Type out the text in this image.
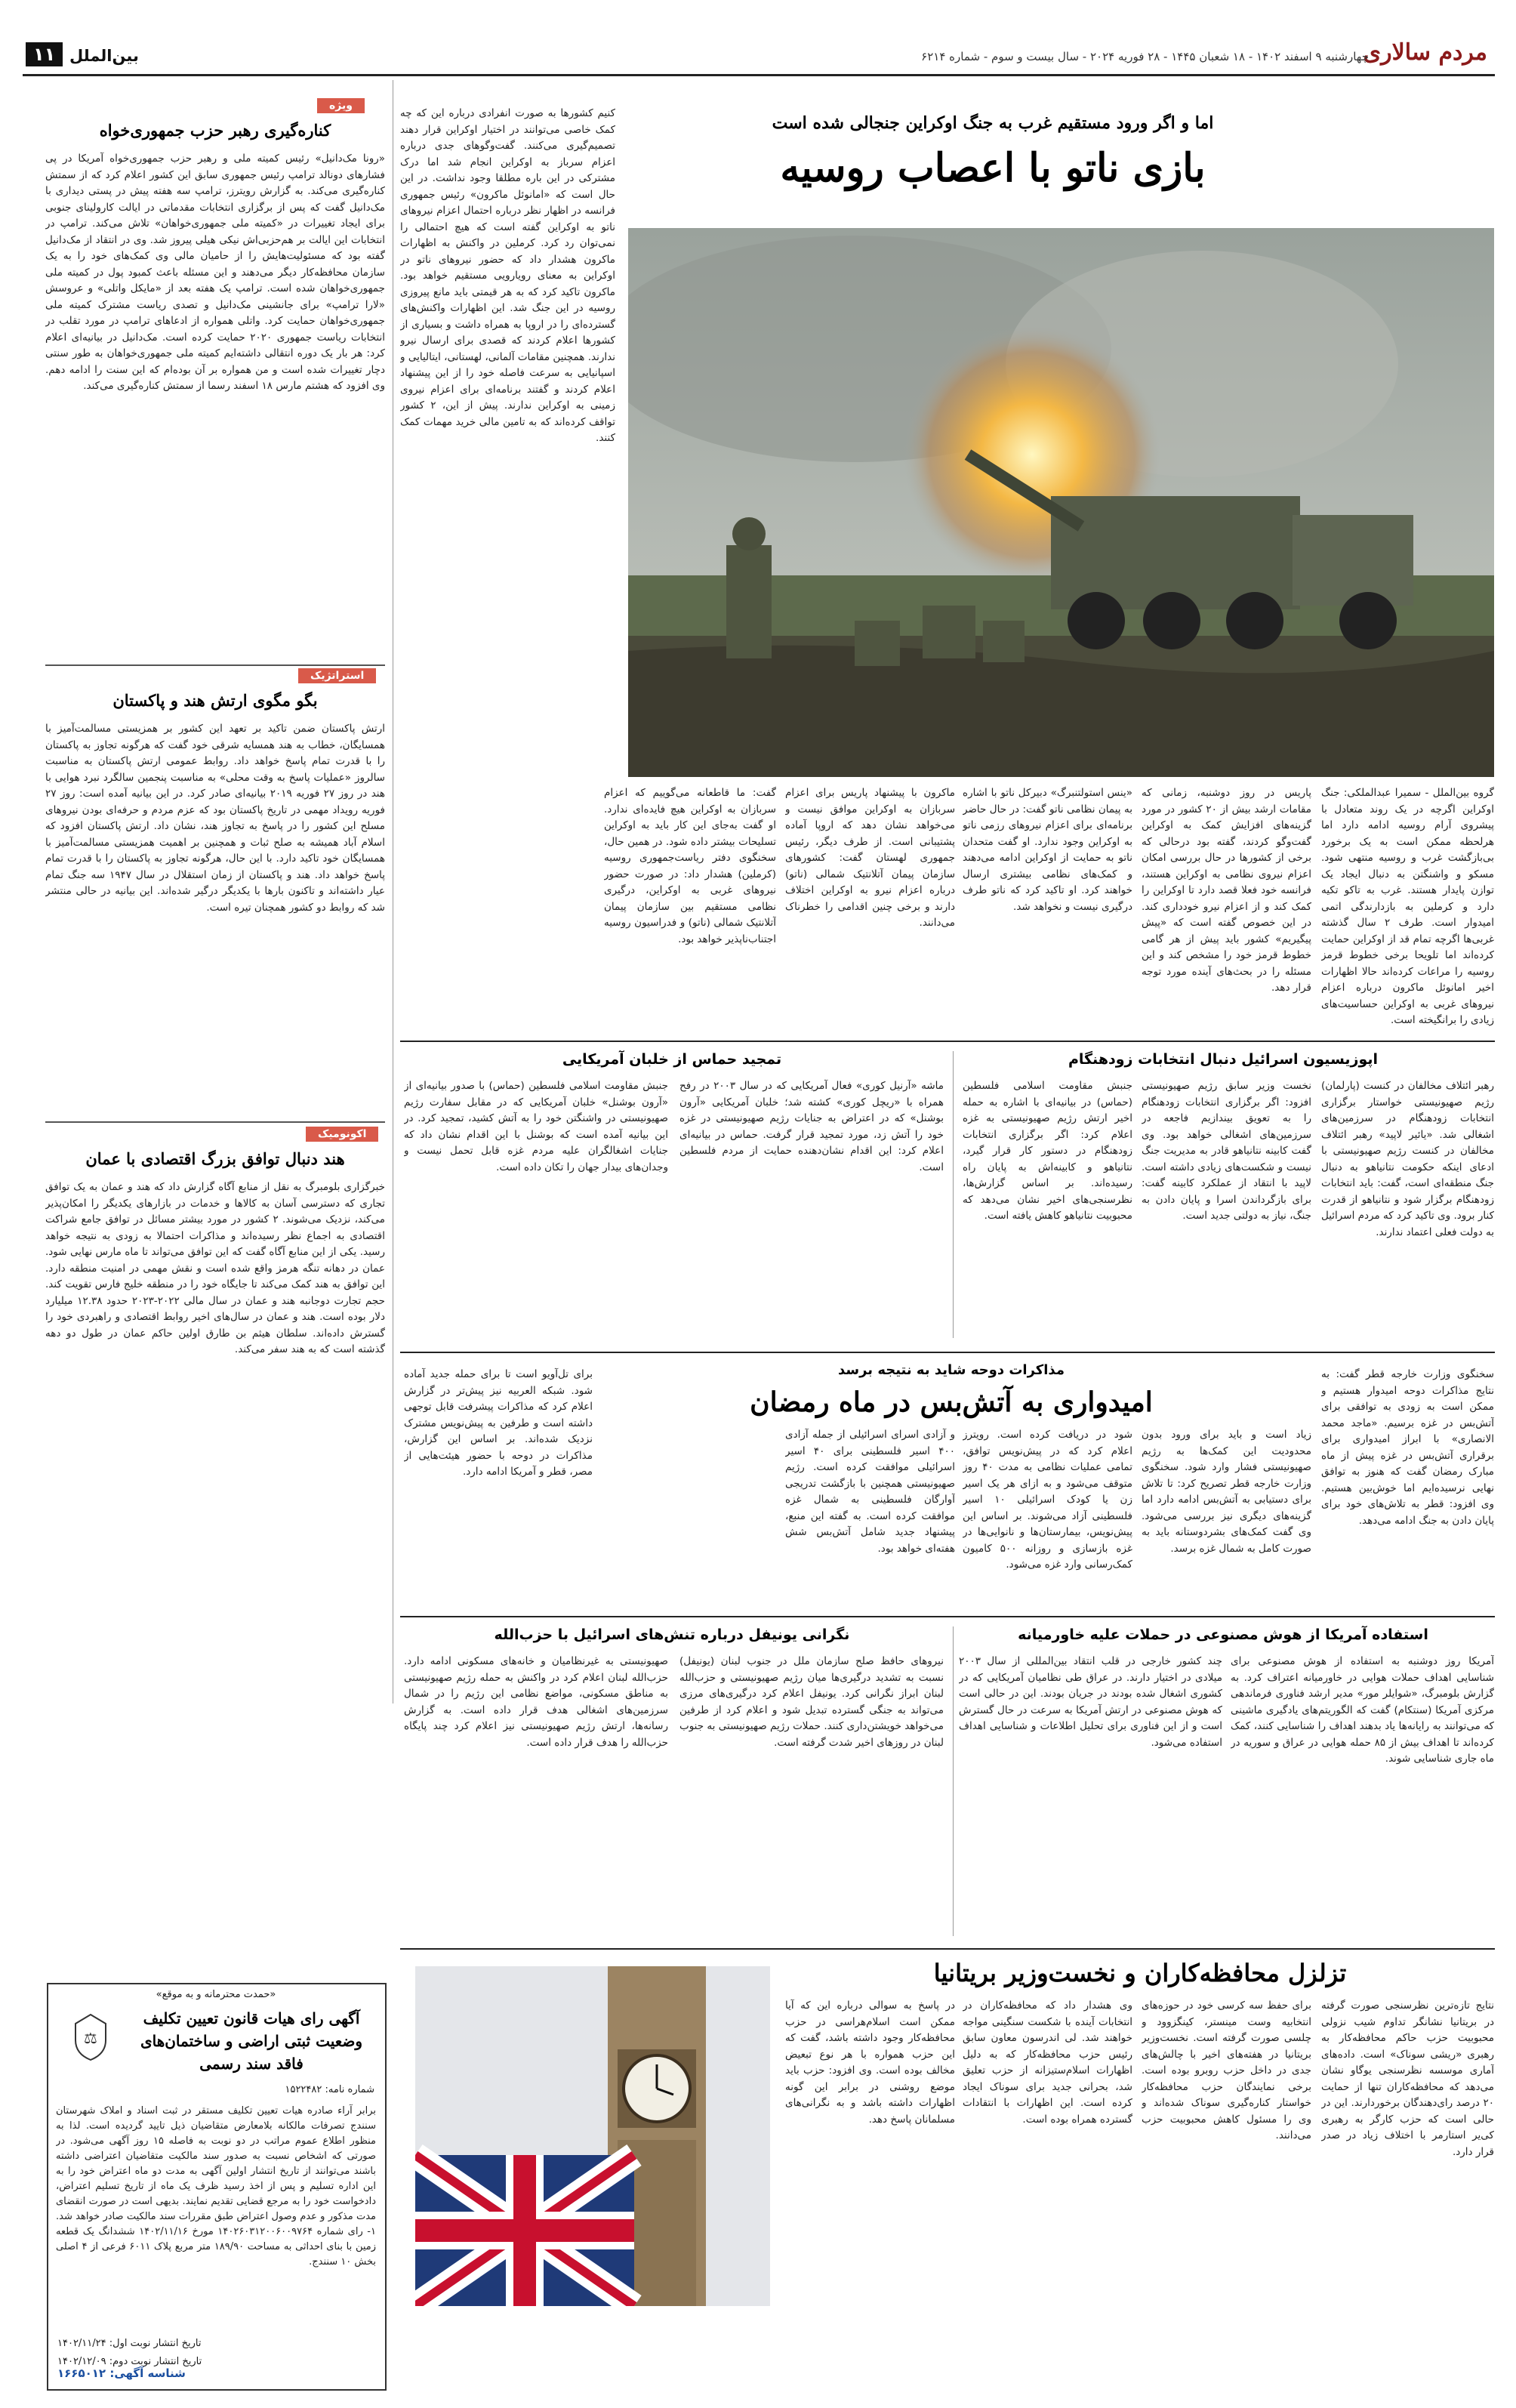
مردم سالاری
چهارشنبه ۹ اسفند ۱۴۰۲ - ۱۸ شعبان ۱۴۴۵ - ۲۸ فوریه ۲۰۲۴ - سال بیست و سوم - شماره ۶۲۱۴
بین‌الملل
۱۱
ویژه
کناره‌گیری رهبر حزب جمهوری‌خواه
«رونا مک‌دانیل» رئیس کمیته ملی و رهبر حزب جمهوری‌خواه آمریکا در پی فشارهای دونالد ترامپ رئیس جمهوری سابق این کشور اعلام کرد که از سمتش کناره‌گیری می‌کند. به گزارش رویترز، ترامپ سه هفته پیش در پستی دیداری با مک‌دانیل گفت که پس از برگزاری انتخابات مقدماتی در ایالت کارولینای جنوبی برای ایجاد تغییرات در «کمیته ملی جمهوری‌خواهان» تلاش می‌کند. ترامپ در انتخابات این ایالت بر هم‌حزبی‌اش نیکی هیلی پیروز شد. وی در انتقاد از مک‌دانیل گفته بود که مسئولیت‌هایش را از حامیان مالی وی کمک‌های خود را به یک سازمان محافظه‌کار دیگر می‌دهند و این مسئله باعث کمبود پول در کمیته ملی جمهوری‌خواهان شده است. ترامپ یک هفته بعد از «مایکل واتلی» و عروسش «لارا ترامپ» برای جانشینی مک‌دانیل و تصدی ریاست مشترک کمیته ملی جمهوری‌خواهان حمایت کرد. واتلی همواره از ادعاهای ترامپ در مورد تقلب در انتخابات ریاست جمهوری ۲۰۲۰ حمایت کرده است. مک‌دانیل در بیانیه‌ای اعلام کرد: هر بار یک دوره انتقالی داشته‌ایم کمیته ملی جمهوری‌خواهان به طور سنتی دچار تغییرات شده است و من همواره بر آن بوده‌ام که این سنت را ادامه دهم. وی افزود که هشتم مارس ۱۸ اسفند رسما از سمتش کناره‌گیری می‌کند.
استراتژیک
بگو مگوی ارتش هند و پاکستان
ارتش پاکستان ضمن تاکید بر تعهد این کشور بر همزیستی مسالمت‌آمیز با همسایگان، خطاب به هند همسایه شرقی خود گفت که هرگونه تجاوز به پاکستان را با قدرت تمام پاسخ خواهد داد. روابط عمومی ارتش پاکستان به مناسبت سالروز «عملیات پاسخ به وقت محلی» به مناسبت پنجمین سالگرد نبرد هوایی با هند در روز ۲۷ فوریه ۲۰۱۹ بیانیه‌ای صادر کرد. در این بیانیه آمده است: روز ۲۷ فوریه رویداد مهمی در تاریخ پاکستان بود که عزم مردم و حرفه‌ای بودن نیروهای مسلح این کشور را در پاسخ به تجاوز هند، نشان داد. ارتش پاکستان افزود که اسلام آباد همیشه به صلح ثبات و همچنین بر اهمیت همزیستی مسالمت‌آمیز با همسایگان خود تاکید دارد. با این حال، هرگونه تجاوز به پاکستان را با قدرت تمام پاسخ خواهد داد. هند و پاکستان از زمان استقلال در سال ۱۹۴۷ سه جنگ تمام عیار داشته‌اند و تاکنون بارها با یکدیگر درگیر شده‌اند. این بیانیه در حالی منتشر شد که روابط دو کشور همچنان تیره است.
اکونومیک
هند دنبال توافق بزرگ اقتصادی با عمان
خبرگزاری بلومبرگ به نقل از منابع آگاه گزارش داد که هند و عمان به یک توافق تجاری که دسترسی آسان به کالاها و خدمات در بازارهای یکدیگر را امکان‌پذیر می‌کند، نزدیک می‌شوند. ۲ کشور در مورد بیشتر مسائل در توافق جامع شراکت اقتصادی به اجماع نظر رسیده‌اند و مذاکرات احتمالا به زودی به نتیجه خواهد رسید. یکی از این منابع آگاه گفت که این توافق می‌تواند تا ماه مارس نهایی شود. عمان در دهانه تنگه هرمز واقع شده است و نقش مهمی در امنیت منطقه دارد. این توافق به هند کمک می‌کند تا جایگاه خود را در منطقه خلیج فارس تقویت کند. حجم تجارت دوجانبه هند و عمان در سال مالی ۲۰۲۲-۲۰۲۳ حدود ۱۲.۳۸ میلیارد دلار بوده است. هند و عمان در سال‌های اخیر روابط اقتصادی و راهبردی خود را گسترش داده‌اند. سلطان هیثم بن طارق اولین حاکم عمان در طول دو دهه گذشته است که به هند سفر می‌کند.
«حمدت محترمانه و به موقع»
⚖
آگهی رای هیات قانون تعیین تکلیف وضعیت ثبتی اراضی و ساختمان‌های فاقد سند رسمی
شماره نامه: ۱۵۲۲۴۸۲
برابر آراء صادره هیات تعیین تکلیف مستقر در ثبت اسناد و املاک شهرستان سنندج تصرفات مالکانه بلامعارض متقاضیان ذیل تایید گردیده است. لذا به منظور اطلاع عموم مراتب در دو نوبت به فاصله ۱۵ روز آگهی می‌شود. در صورتی که اشخاص نسبت به صدور سند مالکیت متقاضیان اعتراضی داشته باشند می‌توانند از تاریخ انتشار اولین آگهی به مدت دو ماه اعتراض خود را به این اداره تسلیم و پس از اخذ رسید ظرف یک ماه از تاریخ تسلیم اعتراض، دادخواست خود را به مرجع قضایی تقدیم نمایند. بدیهی است در صورت انقضای مدت مذکور و عدم وصول اعتراض طبق مقررات سند مالکیت صادر خواهد شد. ۱- رای شماره ۱۴۰۲۶۰۳۱۲۰۰۶۰۰۹۷۶۴ مورخ ۱۴۰۲/۱۱/۱۶ ششدانگ یک قطعه زمین با بنای احداثی به مساحت ۱۸۹/۹۰ متر مربع پلاک ۶۰۱۱ فرعی از ۴ اصلی بخش ۱۰ سنندج.
تاریخ انتشار نوبت اول: ۱۴۰۲/۱۱/۲۴
تاریخ انتشار نوبت دوم: ۱۴۰۲/۱۲/۰۹
شناسه آگهی: ۱۶۶۵۰۱۲
اما و اگر ورود مستقیم غرب به جنگ اوکراین جنجالی شده است
بازی ناتو با اعصاب روسیه
کنیم کشورها به صورت انفرادی درباره این که چه کمک خاصی می‌توانند در اختیار اوکراین قرار دهند تصمیم‌گیری می‌کنند. گفت‌وگوهای جدی درباره اعزام سرباز به اوکراین انجام شد اما درک مشترکی در این باره مطلقا وجود نداشت. در این حال است که «امانوئل ماکرون» رئیس جمهوری فرانسه در اظهار نظر درباره احتمال اعزام نیروهای ناتو به اوکراین گفته است که هیچ احتمالی را نمی‌توان رد کرد. کرملین در واکنش به اظهارات ماکرون هشدار داد که حضور نیروهای ناتو در اوکراین به معنای رویارویی مستقیم خواهد بود. ماکرون تاکید کرد که به هر قیمتی باید مانع پیروزی روسیه در این جنگ شد. این اظهارات واکنش‌های گسترده‌ای را در اروپا به همراه داشت و بسیاری از کشورها اعلام کردند که قصدی برای ارسال نیرو ندارند. همچنین مقامات آلمانی، لهستانی، ایتالیایی و اسپانیایی به سرعت فاصله خود را از این پیشنهاد اعلام کردند و گفتند برنامه‌ای برای اعزام نیروی زمینی به اوکراین ندارند. پیش از این، ۲ کشور تواقف کرده‌اند که به تامین مالی خرید مهمات کمک کنند.
گروه بین‌الملل - سمیرا عبدالملکی: جنگ اوکراین اگرچه در یک روند متعادل با پیشروی آرام روسیه ادامه دارد اما هرلحظه ممکن است به یک برخورد بی‌بازگشت غرب و روسیه منتهی شود. مسکو و واشنگتن به دنبال ایجاد یک توازن پایدار هستند. غرب به تاکو تکیه دارد و کرملین به بازدارندگی اتمی امیدوار است. طرف ۲ سال گذشته غربی‌ها اگرچه تمام قد از اوکراین حمایت کرده‌اند اما تلویحا برخی خطوط قرمز روسیه را مراعات کرده‌اند حالا اظهارات اخیر امانوئل ماکرون درباره اعزام نیروهای غربی به اوکراین حساسیت‌های زیادی را برانگیخته است.
پاریس در روز دوشنبه، زمانی که مقامات ارشد بیش از ۲۰ کشور در مورد گزینه‌های افزایش کمک به اوکراین گفت‌وگو کردند، گفته بود درحالی که برخی از کشورها در حال بررسی امکان اعزام نیروی نظامی به اوکراین هستند، فرانسه خود فعلا قصد دارد تا اوکراین را کمک کند و از اعزام نیرو خودداری کند. در این خصوص گفته است که «پیش پیگیریم» کشور باید پیش از هر گامی خطوط قرمز خود را مشخص کند و این مسئله را در بحث‌های آینده مورد توجه قرار دهد.
«ینس استولتنبرگ» دبیرکل ناتو با اشاره به پیمان نظامی ناتو گفت: در حال حاضر برنامه‌ای برای اعزام نیروهای رزمی ناتو به اوکراین وجود ندارد. او گفت متحدان ناتو به حمایت از اوکراین ادامه می‌دهند و کمک‌های نظامی بیشتری ارسال خواهند کرد. او تاکید کرد که ناتو طرف درگیری نیست و نخواهد شد.
ماکرون با پیشنهاد پاریس برای اعزام سربازان به اوکراین موافق نیست و می‌خواهد نشان دهد که اروپا آماده پشتیبانی است. از طرف دیگر، رئیس جمهوری لهستان گفت: کشورهای سازمان پیمان آتلانتیک شمالی (ناتو) درباره اعزام نیرو به اوکراین اختلاف دارند و برخی چنین اقدامی را خطرناک می‌دانند.
گفت: ما قاطعانه می‌گوییم که اعزام سربازان به اوکراین هیچ فایده‌ای ندارد. او گفت به‌جای این کار باید به اوکراین تسلیحات بیشتر داده شود. در همین حال، سخنگوی دفتر ریاست‌جمهوری روسیه (کرملین) هشدار داد: در صورت حضور نیروهای غربی به اوکراین، درگیری نظامی مستقیم بین سازمان پیمان آتلانتیک شمالی (ناتو) و فدراسیون روسیه اجتناب‌ناپذیر خواهد بود.
اپوزیسیون اسرائیل دنبال انتخابات زودهنگام
رهبر ائتلاف مخالفان در کنست (پارلمان) رژیم صهیونیستی خواستار برگزاری انتخابات زودهنگام در سرزمین‌های اشغالی شد. «یائیر لاپید» رهبر ائتلاف مخالفان در کنست رژیم صهیونیستی با ادعای اینکه حکومت نتانیاهو به دنبال جنگ منطقه‌ای است، گفت: باید انتخابات زودهنگام برگزار شود و نتانیاهو از قدرت کنار برود. وی تاکید کرد که مردم اسرائیل به دولت فعلی اعتماد ندارند.
نخست وزیر سابق رژیم صهیونیستی افزود: اگر برگزاری انتخابات زودهنگام را به تعویق بیندازیم فاجعه در سرزمین‌های اشغالی خواهد بود. وی گفت کابینه نتانیاهو قادر به مدیریت جنگ نیست و شکست‌های زیادی داشته است. لاپید با انتقاد از عملکرد کابینه گفت: برای بازگرداندن اسرا و پایان دادن به جنگ، نیاز به دولتی جدید است.
جنبش مقاومت اسلامی فلسطین (حماس) در بیانیه‌ای با اشاره به حمله اخیر ارتش رژیم صهیونیستی به غزه اعلام کرد: اگر برگزاری انتخابات زودهنگام در دستور کار قرار گیرد، نتانیاهو و کابینه‌اش به پایان راه رسیده‌اند. بر اساس گزارش‌ها، نظرسنجی‌های اخیر نشان می‌دهد که محبوبیت نتانیاهو کاهش یافته است.
تمجید حماس از خلبان آمریکایی
ماشه «آرنیل کوری» فعال آمریکایی که در سال ۲۰۰۳ در رفح همراه با «ریچل کوری» کشته شد؛ خلبان آمریکایی «آرون بوشنل» که در اعتراض به جنایات رژیم صهیونیستی در غزه خود را آتش زد، مورد تمجید قرار گرفت. حماس در بیانیه‌ای اعلام کرد: این اقدام نشان‌دهنده حمایت از مردم فلسطین است.
جنبش مقاومت اسلامی فلسطین (حماس) با صدور بیانیه‌ای از «آرون بوشنل» خلبان آمریکایی که در مقابل سفارت رژیم صهیونیستی در واشنگتن خود را به آتش کشید، تمجید کرد. در این بیانیه آمده است که بوشنل با این اقدام نشان داد که جنایات اشغالگران علیه مردم غزه قابل تحمل نیست و وجدان‌های بیدار جهان را تکان داده است.
مذاکرات دوحه شاید به نتیجه برسد
امیدواری به آتش‌بس در ماه رمضان
سخنگوی وزارت خارجه قطر گفت: به نتایج مذاکرات دوحه امیدوار هستیم و ممکن است به زودی به توافقی برای آتش‌بس در غزه برسیم. «ماجد محمد الانصاری» با ابراز امیدواری برای برقراری آتش‌بس در غزه پیش از ماه مبارک رمضان گفت که هنوز به توافق نهایی نرسیده‌ایم اما خوش‌بین هستیم. وی افزود: قطر به تلاش‌های خود برای پایان دادن به جنگ ادامه می‌دهد.
زیاد است و باید برای ورود بدون محدودیت این کمک‌ها به رژیم صهیونیستی فشار وارد شود. سخنگوی وزارت خارجه قطر تصریح کرد: تا تلاش برای دستیابی به آتش‌بس ادامه دارد اما گزینه‌های دیگری نیز بررسی می‌شود. وی گفت کمک‌های بشردوستانه باید به صورت کامل به شمال غزه برسد.
شود در دریافت کرده است. رویترز اعلام کرد که در پیش‌نویس توافق، تمامی عملیات نظامی به مدت ۴۰ روز متوقف می‌شود و به ازای هر یک اسیر زن یا کودک اسرائیلی ۱۰ اسیر فلسطینی آزاد می‌شوند. بر اساس این پیش‌نویس، بیمارستان‌ها و نانوایی‌ها در غزه بازسازی و روزانه ۵۰۰ کامیون کمک‌رسانی وارد غزه می‌شود.
و آزادی اسرای اسرائیلی از جمله آزادی ۴۰۰ اسیر فلسطینی برای ۴۰ اسیر اسرائیلی موافقت کرده است. رژیم صهیونیستی همچنین با بازگشت تدریجی آوارگان فلسطینی به شمال غزه موافقت کرده است. به گفته این منبع، پیشنهاد جدید شامل آتش‌بس شش هفته‌ای خواهد بود.
برای تل‌آویو است تا برای حمله جدید آماده شود. شبکه العربیه نیز پیش‌تر در گزارش اعلام کرد که مذاکرات پیشرفت قابل توجهی داشته است و طرفین به پیش‌نویس مشترک نزدیک شده‌اند. بر اساس این گزارش، مذاکرات در دوحه با حضور هیئت‌هایی از مصر، قطر و آمریکا ادامه دارد.
استفاده آمریکا از هوش مصنوعی در حملات علیه خاورمیانه
آمریکا روز دوشنبه به استفاده از هوش مصنوعی برای شناسایی اهداف حملات هوایی در خاورمیانه اعتراف کرد. به گزارش بلومبرگ، «شوایلر مور» مدیر ارشد فناوری فرماندهی مرکزی آمریکا (سنتکام) گفت که الگوریتم‌های یادگیری ماشینی که می‌توانند به رایانه‌ها یاد بدهند اهداف را شناسایی کنند، کمک کرده‌اند تا اهداف بیش از ۸۵ حمله هوایی در عراق و سوریه در ماه جاری شناسایی شوند.
چند کشور خارجی در قلب انتقاد بین‌المللی از سال ۲۰۰۳ میلادی در اختیار دارند. در عراق طی نظامیان آمریکایی که در کشوری اشغال شده بودند در جریان بودند. این در حالی است که هوش مصنوعی در ارتش آمریکا به سرعت در حال گسترش است و از این فناوری برای تحلیل اطلاعات و شناسایی اهداف استفاده می‌شود.
نگرانی یونیفل درباره تنش‌های اسرائیل با حزب‌الله
نیروهای حافظ صلح سازمان ملل در جنوب لبنان (یونیفل) نسبت به تشدید درگیری‌ها میان رژیم صهیونیستی و حزب‌الله لبنان ابراز نگرانی کرد. یونیفل اعلام کرد درگیری‌های مرزی می‌تواند به جنگی گسترده تبدیل شود و اعلام کرد از طرفین می‌خواهد خویشتن‌داری کنند. حملات رژیم صهیونیستی به جنوب لبنان در روزهای اخیر شدت گرفته است.
صهیونیستی به غیرنظامیان و خانه‌های مسکونی ادامه دارد. حزب‌الله لبنان اعلام کرد در واکنش به حمله رژیم صهیونیستی به مناطق مسکونی، مواضع نظامی این رژیم را در شمال سرزمین‌های اشغالی هدف قرار داده است. به گزارش رسانه‌ها، ارتش رژیم صهیونیستی نیز اعلام کرد چند پایگاه حزب‌الله را هدف قرار داده است.
تزلزل محافظه‌کاران و نخست‌وزیر بریتانیا
نتایج تازه‌ترین نظرسنجی صورت گرفته در بریتانیا نشانگر تداوم شیب نزولی محبوبیت حزب حاکم محافظه‌کار به رهبری «ریشی سوناک» است. داده‌های آماری موسسه نظرسنجی یوگاو نشان می‌دهد که محافظه‌کاران تنها از حمایت ۲۰ درصد رای‌دهندگان برخوردارند. این در حالی است که حزب کارگر به رهبری کی‌یر استارمر با اختلاف زیاد در صدر قرار دارد.
برای حفظ سه کرسی خود در حوزه‌های انتخابیه وست مینستر، کینگزوود و چلسی صورت گرفته است. نخست‌وزیر بریتانیا در هفته‌های اخیر با چالش‌های جدی در داخل حزب روبرو بوده است. برخی نمایندگان حزب محافظه‌کار خواستار کناره‌گیری سوناک شده‌اند و وی را مسئول کاهش محبوبیت حزب می‌دانند.
وی هشدار داد که محافظه‌کاران در انتخابات آینده با شکست سنگینی مواجه خواهند شد. لی اندرسون معاون سابق رئیس حزب محافظه‌کار که به دلیل اظهارات اسلام‌ستیزانه از حزب تعلیق شد، بحرانی جدید برای سوناک ایجاد کرده است. این اظهارات با انتقادات گسترده همراه بوده است.
در پاسخ به سوالی درباره این که آیا ممکن است اسلام‌هراسی در حزب محافظه‌کار وجود داشته باشد، گفت که این حزب همواره با هر نوع تبعیض مخالف بوده است. وی افزود: حزب باید موضع روشنی در برابر این گونه اظهارات داشته باشد و به نگرانی‌های مسلمانان پاسخ دهد.
